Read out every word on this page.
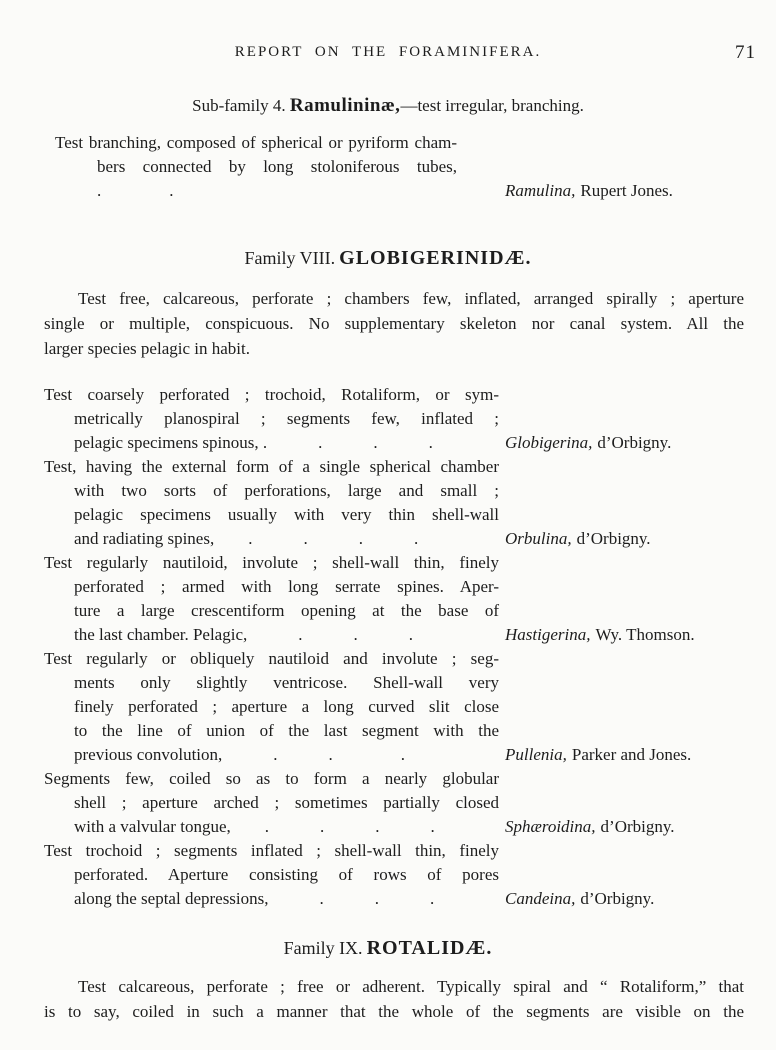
REPORT ON THE FORAMINIFERA.	71
Sub-family 4. Ramulininæ,—test irregular, branching.
Test branching, composed of spherical or pyriform cham-
bers connected by long stoloniferous tubes, .    .	Ramulina, Rupert Jones.
Family VIII. GLOBIGERINIDÆ.
Test free, calcareous, perforate ; chambers few, inflated, arranged spirally ; aperture
single or multiple, conspicuous. No supplementary skeleton nor canal system. All the
larger species pelagic in habit.
Test coarsely perforated ; trochoid, Rotaliform, or sym-
metrically planospiral ; segments few, inflated ;
pelagic specimens spinous, .   .   .   .	Globigerina, d’Orbigny.
Test, having the external form of a single spherical chamber
with two sorts of perforations, large and small ;
pelagic specimens usually with very thin shell-wall
and radiating spines,  .   .   .   .	Orbulina, d’Orbigny.
Test regularly nautiloid, involute ; shell-wall thin, finely
perforated ; armed with long serrate spines. Aper-
ture a large crescentiform opening at the base of
the last chamber. Pelagic,   .   .   .	Hastigerina, Wy. Thomson.
Test regularly or obliquely nautiloid and involute ; seg-
ments only slightly ventricose. Shell-wall very
finely perforated ; aperture a long curved slit close
to the line of union of the last segment with the
previous convolution,   .   .    .	Pullenia, Parker and Jones.
Segments few, coiled so as to form a nearly globular
shell ; aperture arched ; sometimes partially closed
with a valvular tongue,  .   .   .   .	Sphæroidina, d’Orbigny.
Test trochoid ; segments inflated ; shell-wall thin, finely
perforated. Aperture consisting of rows of pores
along the septal depressions,   .   .   .	Candeina, d’Orbigny.
Family IX. ROTALIDÆ.
Test calcareous, perforate ; free or adherent. Typically spiral and “ Rotaliform,” that
is to say, coiled in such a manner that the whole of the segments are visible on the
